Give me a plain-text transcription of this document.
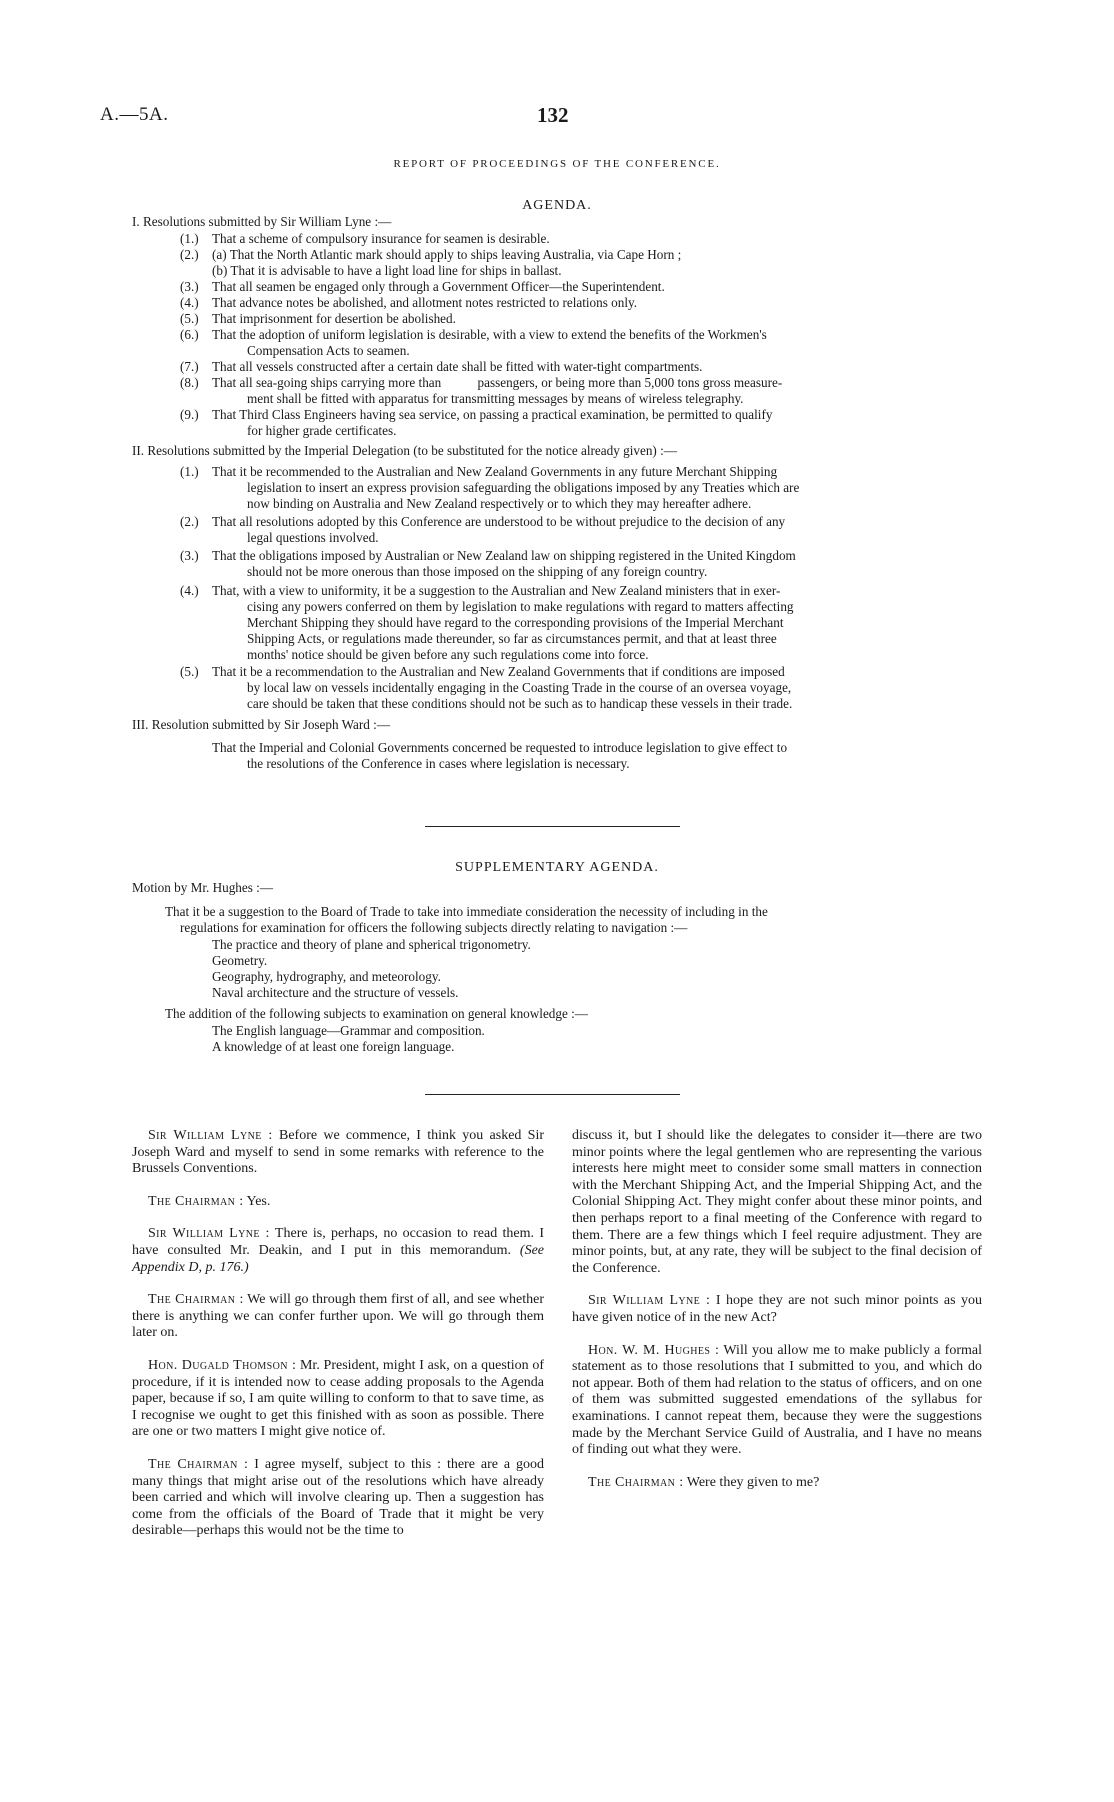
A.—5A.	132
REPORT OF PROCEEDINGS OF THE CONFERENCE.
AGENDA.
I. Resolutions submitted by Sir William Lyne :—
(1.) That a scheme of compulsory insurance for seamen is desirable.
(2.) (a) That the North Atlantic mark should apply to ships leaving Australia, via Cape Horn ;
(b) That it is advisable to have a light load line for ships in ballast.
(3.) That all seamen be engaged only through a Government Officer—the Superintendent.
(4.) That advance notes be abolished, and allotment notes restricted to relations only.
(5.) That imprisonment for desertion be abolished.
(6.) That the adoption of uniform legislation is desirable, with a view to extend the benefits of the Workmen's
Compensation Acts to seamen.
(7.) That all vessels constructed after a certain date shall be fitted with water-tight compartments.
(8.) That all sea-going ships carrying more than           passengers, or being more than 5,000 tons gross measure-
ment shall be fitted with apparatus for transmitting messages by means of wireless telegraphy.
(9.) That Third Class Engineers having sea service, on passing a practical examination, be permitted to qualify
for higher grade certificates.
II. Resolutions submitted by the Imperial Delegation (to be substituted for the notice already given) :—
(1.) That it be recommended to the Australian and New Zealand Governments in any future Merchant Shipping
legislation to insert an express provision safeguarding the obligations imposed by any Treaties which are
now binding on Australia and New Zealand respectively or to which they may hereafter adhere.
(2.) That all resolutions adopted by this Conference are understood to be without prejudice to the decision of any
legal questions involved.
(3.) That the obligations imposed by Australian or New Zealand law on shipping registered in the United Kingdom
should not be more onerous than those imposed on the shipping of any foreign country.
(4.) That, with a view to uniformity, it be a suggestion to the Australian and New Zealand ministers that in exer-
cising any powers conferred on them by legislation to make regulations with regard to matters affecting
Merchant Shipping they should have regard to the corresponding provisions of the Imperial Merchant
Shipping Acts, or regulations made thereunder, so far as circumstances permit, and that at least three
months' notice should be given before any such regulations come into force.
(5.) That it be a recommendation to the Australian and New Zealand Governments that if conditions are imposed
by local law on vessels incidentally engaging in the Coasting Trade in the course of an oversea voyage,
care should be taken that these conditions should not be such as to handicap these vessels in their trade.
III. Resolution submitted by Sir Joseph Ward :—
That the Imperial and Colonial Governments concerned be requested to introduce legislation to give effect to
the resolutions of the Conference in cases where legislation is necessary.
SUPPLEMENTARY AGENDA.
Motion by Mr. Hughes :—
That it be a suggestion to the Board of Trade to take into immediate consideration the necessity of including in the
regulations for examination for officers the following subjects directly relating to navigation :—
The practice and theory of plane and spherical trigonometry.
Geometry.
Geography, hydrography, and meteorology.
Naval architecture and the structure of vessels.
The addition of the following subjects to examination on general knowledge :—
The English language—Grammar and composition.
A knowledge of at least one foreign language.

Sir William Lyne : Before we commence, I think you asked Sir Joseph Ward and myself to send in some remarks with reference to the Brussels Conventions.

The Chairman : Yes.

Sir William Lyne : There is, perhaps, no occasion to read them. I have consulted Mr. Deakin, and I put in this memorandum. (See Appendix D, p. 176.)

The Chairman : We will go through them first of all, and see whether there is anything we can confer further upon. We will go through them later on.

Hon. Dugald Thomson : Mr. President, might I ask, on a question of procedure, if it is intended now to cease adding proposals to the Agenda paper, because if so, I am quite willing to conform to that to save time, as I recognise we ought to get this finished with as soon as possible. There are one or two matters I might give notice of.

The Chairman : I agree myself, subject to this : there are a good many things that might arise out of the resolutions which have already been carried and which will involve clearing up. Then a suggestion has come from the officials of the Board of Trade that it might be very desirable—perhaps this would not be the time to

discuss it, but I should like the delegates to consider it—there are two minor points where the legal gentlemen who are representing the various interests here might meet to consider some small matters in connection with the Merchant Shipping Act, and the Imperial Shipping Act, and the Colonial Shipping Act. They might confer about these minor points, and then perhaps report to a final meeting of the Conference with regard to them. There are a few things which I feel require adjustment. They are minor points, but, at any rate, they will be subject to the final decision of the Conference.

Sir William Lyne : I hope they are not such minor points as you have given notice of in the new Act?

Hon. W. M. Hughes : Will you allow me to make publicly a formal statement as to those resolutions that I submitted to you, and which do not appear. Both of them had relation to the status of officers, and on one of them was submitted suggested emendations of the syllabus for examinations. I cannot repeat them, because they were the suggestions made by the Merchant Service Guild of Australia, and I have no means of finding out what they were.

The Chairman : Were they given to me?
